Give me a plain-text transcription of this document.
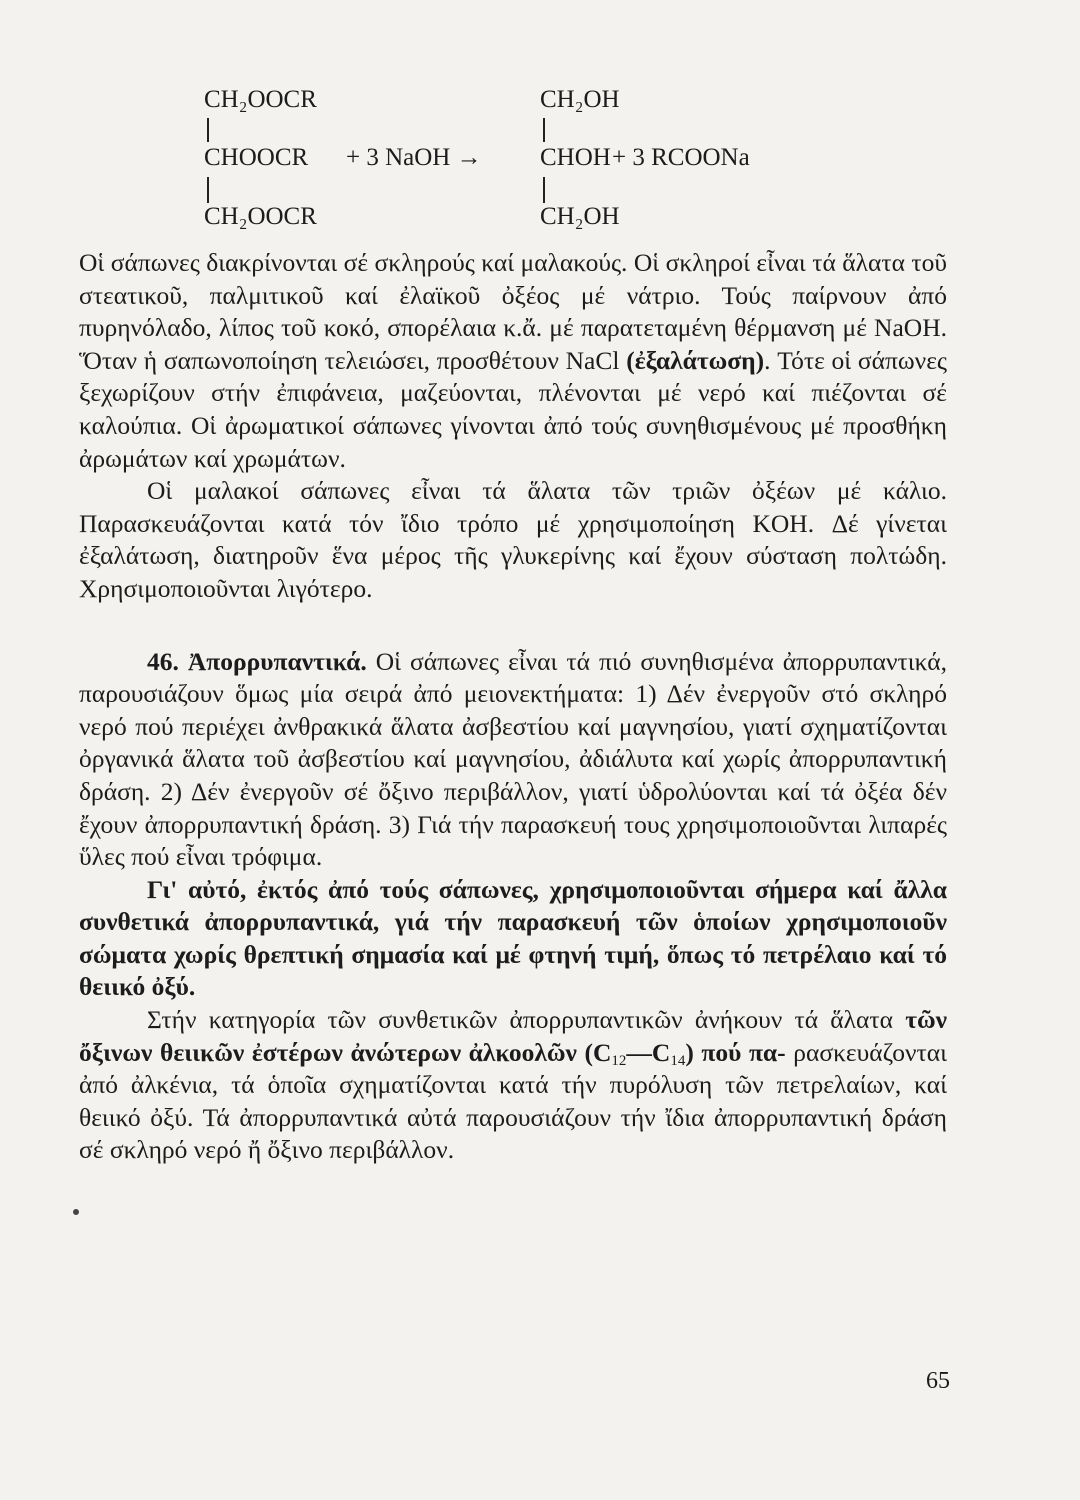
CH₂OOCR
CHOOCR + 3 NaOH →
CH₂OOCR
CH₂OH
CHOH + 3 RCOONa
CH₂OH

Οἱ σάπωνες διακρίνονται σέ σκληρούς καί μαλακούς. Οἱ σκληροί εἶναι τά ἅλατα τοῦ στεατικοῦ, παλμιτικοῦ καί ἐλαϊκοῦ ὀξέος μέ νάτριο. Τούς παίρνουν ἀπό πυρηνόλαδο, λίπος τοῦ κοκό, σπορέλαια κ.ἄ. μέ παρατεταμένη θέρμανση μέ NaOH. Ὅταν ἡ σαπωνοποίηση τελειώσει, προσθέτουν NaCl (ἐξαλάτωση). Τότε οἱ σάπωνες ξεχωρίζουν στήν ἐπιφάνεια, μαζεύονται, πλένονται μέ νερό καί πιέζονται σέ καλούπια. Οἱ ἀρωματικοί σάπωνες γίνονται ἀπό τούς συνηθισμένους μέ προσθήκη ἀρωμάτων καί χρωμάτων.

Οἱ μαλακοί σάπωνες εἶναι τά ἅλατα τῶν τριῶν ὀξέων μέ κάλιο. Παρασκευάζονται κατά τόν ἴδιο τρόπο μέ χρησιμοποίηση KOH. Δέ γίνεται ἐξαλάτωση, διατηροῦν ἕνα μέρος τῆς γλυκερίνης καί ἔχουν σύσταση πολτώδη. Χρησιμοποιοῦνται λιγότερο.

46. Ἀπορρυπαντικά. Οἱ σάπωνες εἶναι τά πιό συνηθισμένα ἀπορρυπαντικά, παρουσιάζουν ὅμως μία σειρά ἀπό μειονεκτήματα: 1) Δέν ἐνεργοῦν στό σκληρό νερό πού περιέχει ἀνθρακικά ἅλατα ἀσβεστίου καί μαγνησίου, γιατί σχηματίζονται ὀργανικά ἅλατα τοῦ ἀσβεστίου καί μαγνησίου, ἀδιάλυτα καί χωρίς ἀπορρυπαντική δράση. 2) Δέν ἐνεργοῦν σέ ὄξινο περιβάλλον, γιατί ὑδρολύονται καί τά ὀξέα δέν ἔχουν ἀπορρυπαντική δράση. 3) Γιά τήν παρασκευή τους χρησιμοποιοῦνται λιπαρές ὕλες πού εἶναι τρόφιμα.

Γι' αὐτό, ἐκτός ἀπό τούς σάπωνες, χρησιμοποιοῦνται σήμερα καί ἄλλα συνθετικά ἀπορρυπαντικά, γιά τήν παρασκευή τῶν ὁποίων χρησιμοποιοῦν σώματα χωρίς θρεπτική σημασία καί μέ φτηνή τιμή, ὅπως τό πετρέλαιο καί τό θειικό ὀξύ.

Στήν κατηγορία τῶν συνθετικῶν ἀπορρυπαντικῶν ἀνήκουν τά ἅλατα τῶν ὄξινων θειικῶν ἐστέρων ἀνώτερων ἀλκοολῶν $(C_{12}—C_{14})$ πού πα- ρασκευάζονται ἀπό ἀλκένια, τά ὁποῖα σχηματίζονται κατά τήν πυρόλυση τῶν πετρελαίων, καί θειικό ὀξύ. Τά ἀπορρυπαντικά αὐτά παρουσιάζουν τήν ἴδια ἀπορρυπαντική δράση σέ σκληρό νερό ἤ ὄξινο περιβάλλον.

65
